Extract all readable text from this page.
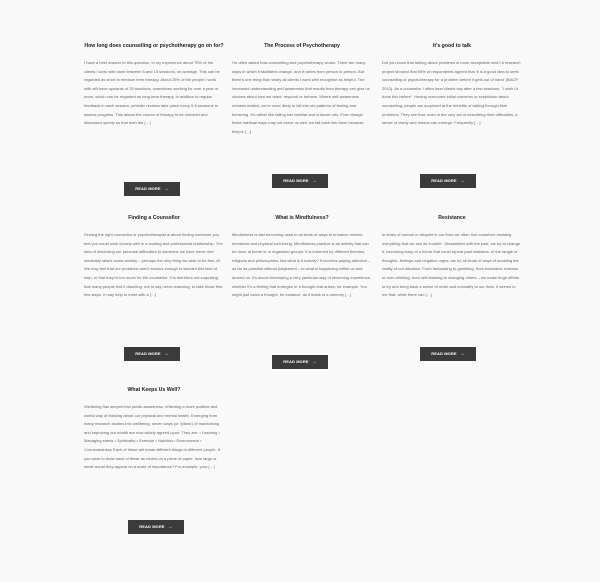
How long does counselling or psychotherapy go on for?

I have a brief answer to this question. In my experience about 75% of the clients I work with have between 5 and 15 sessions, on average. This can be regarded as short to medium term therapy. About 25% of the people I work with will have upwards of 20 sessions, sometimes working for over a year or more, which can be regarded as long-term therapy. In addition to regular feedback in each session, periodic reviews take place every 5-6 sessions to assess progress. This allows the course of therapy to be checked and discussed openly so that both the […]

READ MORE →
The Process of Psychotherapy

I'm often asked how counselling and psychotherapy works. There are many ways in which it facilitates change, and it varies from person to person. But there's one thing that nearly all clients I work with recognise as helpful. The increased understanding and awareness that results from therapy can give us choices about how we react, respond or behave. Where self-awareness remains limited, we're more likely to fall into old patterns of feeling and behaving. It's rather like falling into familiar and outworn ruts. Even though these habitual ways may not serve us well, we fall back into them because they're […]

READ MORE →
It's good to talk

Did you know that talking about problems is more acceptable now? A research project showed that 95% of respondents agreed that 'it is a good idea to seek counselling or psychotherapy for a problem before it gets out of hand' (BACP, 2013). As a counsellor I often hear clients say after a few sessions, "I wish I'd done this before". Having overcome initial concerns or scepticism about counselling, people are surprised at the benefits of talking through their problems. They see that, even in the very act of describing their difficulties, a sense of clarity and reason can emerge. Frequently […]

READ MORE →
Finding a Counsellor

Finding the right counsellor or psychotherapist is about finding someone you feel you could work closely with in a trusting and professional relationship. The idea of disclosing our personal difficulties to someone we have never met inevitably raises some anxiety – perhaps the very thing we wish to be free of! We may feel that our problems aren't serious enough to warrant this kind of help, or that they're too much for the counsellor. It is therefore not surprising that many people find it daunting, not to say nerve-wracking, to take those first few steps. It may help to meet with a […]

READ MORE →
What is Mindfulness?

Mindfulness is fast becoming used in all kinds of ways to enhance mental, emotional and physical well-being. Mindfulness practice is an activity that can be done at home or in organised groups. It is informed by different theories, religions and philosophies. But what is it exactly? It involves paying attention – as far as possible without judgement – to what is happening within us and around us. It's about developing a very particular way of observing experience, whether it's a feeling that emerges or a thought that arises, for example. You might just catch a thought, for instance, as it leads to a memory […]

READ MORE →
Resistance

In times of turmoil or disquiet in our lives we often find ourselves resisting everything that we see as 'trouble'. Dissatisfied with the past, we try to change it, becoming wary of a future that could repeat past mistakes. In the tangle of thoughts, feelings and negative urges, we try all kinds of ways of avoiding the reality of our situation. From fantasising to gambling, from excessive exercise to over-drinking, from self-blaming to changing others – we make huge efforts to try and bring back a sense of order and normality to our lives. It seems to me that, while there can […]

READ MORE →
What Keeps Us Well?

Wellbeing has seeped into public awareness, reflecting a more positive and useful way of thinking about our physical and mental health. Emerging from many research studies into wellbeing, seven ways (or 'pillars') of maintaining and improving our health are now widely agreed upon. They are: • Learning • Managing stress • Spirituality • Exercise • Nutrition • Environment • Connectedness Each of these will mean different things to different people. If you were to draw each of these as circles on a piece of paper, how large or small would they appear on a scale of importance? For example, your […]

READ MORE →
